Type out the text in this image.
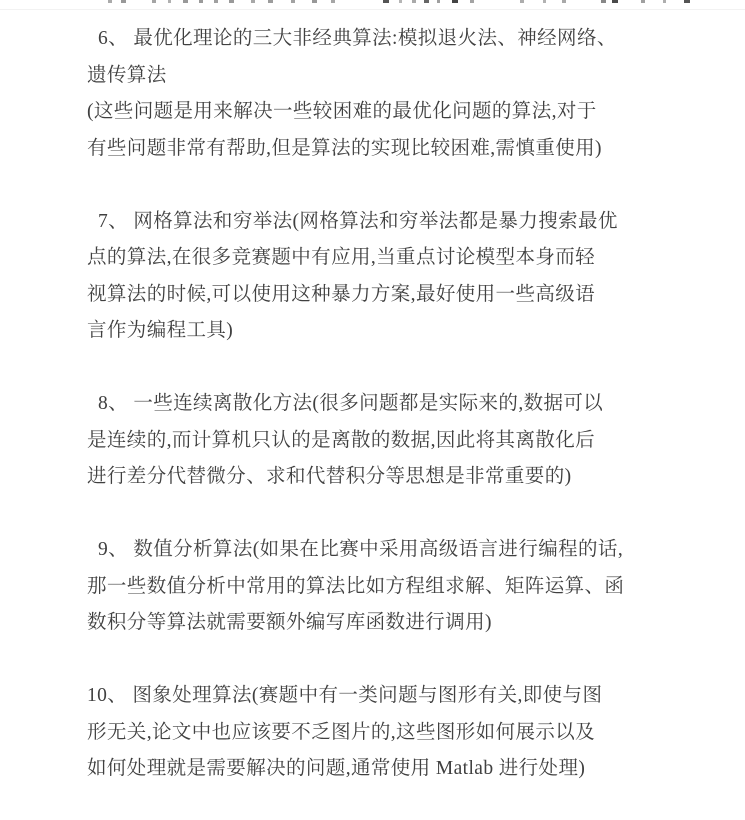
6、 最优化理论的三大非经典算法:模拟退火法、神经网络、
遗传算法
(这些问题是用来解决一些较困难的最优化问题的算法,对于
有些问题非常有帮助,但是算法的实现比较困难,需慎重使用)
7、 网格算法和穷举法(网格算法和穷举法都是暴力搜索最优
点的算法,在很多竞赛题中有应用,当重点讨论模型本身而轻
视算法的时候,可以使用这种暴力方案,最好使用一些高级语
言作为编程工具)
8、 一些连续离散化方法(很多问题都是实际来的,数据可以
是连续的,而计算机只认的是离散的数据,因此将其离散化后
进行差分代替微分、求和代替积分等思想是非常重要的)
9、 数值分析算法(如果在比赛中采用高级语言进行编程的话,
那一些数值分析中常用的算法比如方程组求解、矩阵运算、函
数积分等算法就需要额外编写库函数进行调用)
10、 图象处理算法(赛题中有一类问题与图形有关,即使与图
形无关,论文中也应该要不乏图片的,这些图形如何展示以及
如何处理就是需要解决的问题,通常使用 Matlab 进行处理)
